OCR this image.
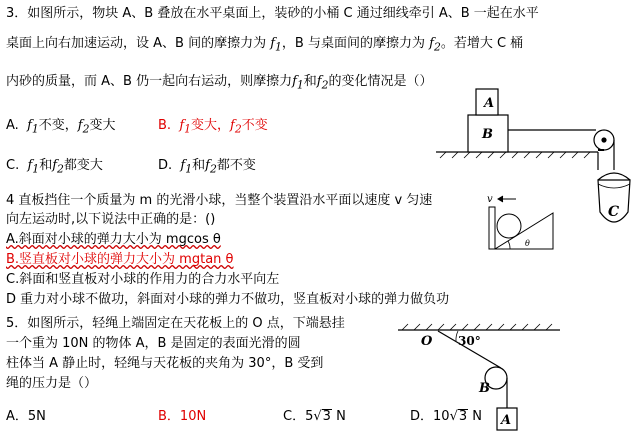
3．如图所示，物块 A、B 叠放在水平桌面上，装砂的小桶 C 通过细线牵引 A、B 一起在水平
桌面上向右加速运动，设 A、B 间的摩擦力为 $f_1$，B 与桌面间的摩擦力为 $f_2$。若增大 C 桶
内砂的质量，而 A、B 仍一起向右运动，则摩擦力$f_1$和$f_2$的变化情况是（）
A. $f_1$不变，$f_2$变大	B. $f_1$变大，$f_2$不变
C. $f_1$和$f_2$都变大	D. $f_1$和$f_2$都不变
4 直板挡住一个质量为 m 的光滑小球，当整个装置沿水平面以速度 v 匀速
向左运动时,以下说法中正确的是：()
A.斜面对小球的弹力大小为 mgcos θ
B.竖直板对小球的弹力大小为 mgtan θ
C.斜面和竖直板对小球的作用力的合力水平向左
D 重力对小球不做功，斜面对小球的弹力不做功，竖直板对小球的弹力做负功
5．如图所示，轻绳上端固定在天花板上的 O 点，下端悬挂
一个重为 10N 的物体 A，B 是固定的表面光滑的圆
柱体当 A 静止时，轻绳与天花板的夹角为 30°，B 受到
绳的压力是（）
A．5N	B．10N	C．5√3 N	D．10√3 N
A
B
C
v
θ
O 30°
B
A
